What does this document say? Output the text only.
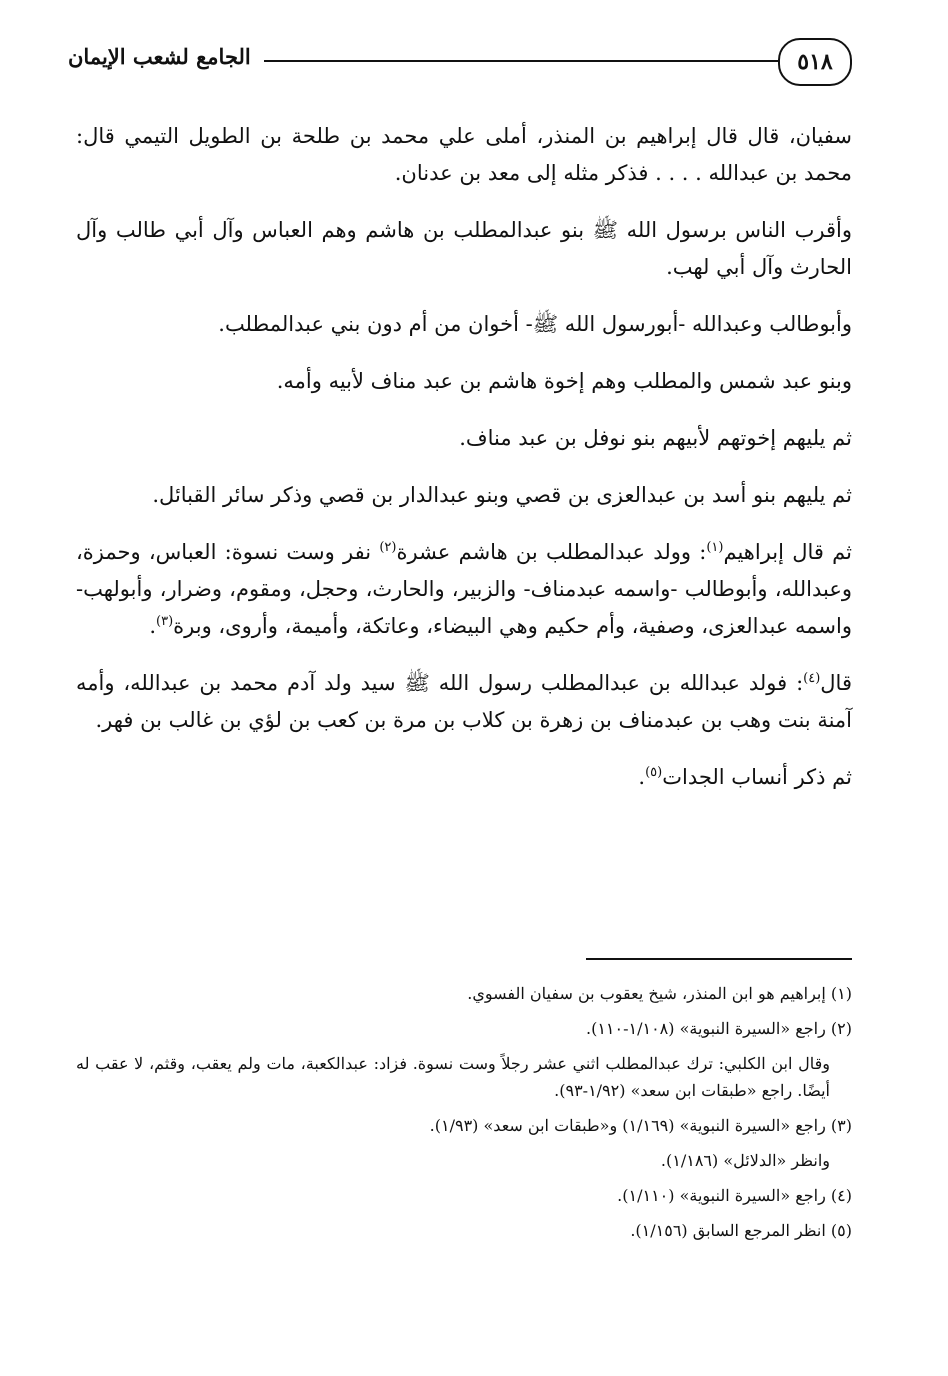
٥١٨
الجامع لشعب الإيمان

سفيان، قال قال إبراهيم بن المنذر، أملى علي محمد بن طلحة بن الطويل التيمي قال: محمد بن عبدالله . . . . فذكر مثله إلى معد بن عدنان.

وأقرب الناس برسول الله ﷺ بنو عبدالمطلب بن هاشم وهم العباس وآل أبي طالب وآل الحارث وآل أبي لهب.

وأبوطالب وعبدالله -أبورسول الله ﷺ- أخوان من أم دون بني عبدالمطلب.

وبنو عبد شمس والمطلب وهم إخوة هاشم بن عبد مناف لأبيه وأمه.

ثم يليهم إخوتهم لأبيهم بنو نوفل بن عبد مناف.

ثم يليهم بنو أسد بن عبدالعزى بن قصي وبنو عبدالدار بن قصي وذكر سائر القبائل.

ثم قال إبراهيم$^{(١)}$: وولد عبدالمطلب بن هاشم عشرة$^{(٢)}$ نفر وست نسوة: العباس، وحمزة، وعبدالله، وأبوطالب -واسمه عبدمناف- والزبير، والحارث، وحجل، ومقوم، وضرار، وأبولهب- واسمه عبدالعزى، وصفية، وأم حكيم وهي البيضاء، وعاتكة، وأميمة، وأروى، وبرة$^{(٣)}$.

قال$^{(٤)}$: فولد عبدالله بن عبدالمطلب رسول الله ﷺ سيد ولد آدم محمد بن عبدالله، وأمه آمنة بنت وهب بن عبدمناف بن زهرة بن كلاب بن مرة بن كعب بن لؤي بن غالب بن فهر.

ثم ذكر أنساب الجدات$^{(٥)}$.

(١) إبراهيم هو ابن المنذر، شيخ يعقوب بن سفيان الفسوي.

(٢) راجع «السيرة النبوية» (١/١٠٨-١١٠).

وقال ابن الكلبي: ترك عبدالمطلب اثني عشر رجلاً وست نسوة. فزاد: عبدالكعبة، مات ولم يعقب، وقثم، لا عقب له أيضًا. راجع «طبقات ابن سعد» (١/٩٢-٩٣).

(٣) راجع «السيرة النبوية» (١/١٦٩) و«طبقات ابن سعد» (١/٩٣).

وانظر «الدلائل» (١/١٨٦).

(٤) راجع «السيرة النبوية» (١/١١٠).

(٥) انظر المرجع السابق (١/١٥٦).
